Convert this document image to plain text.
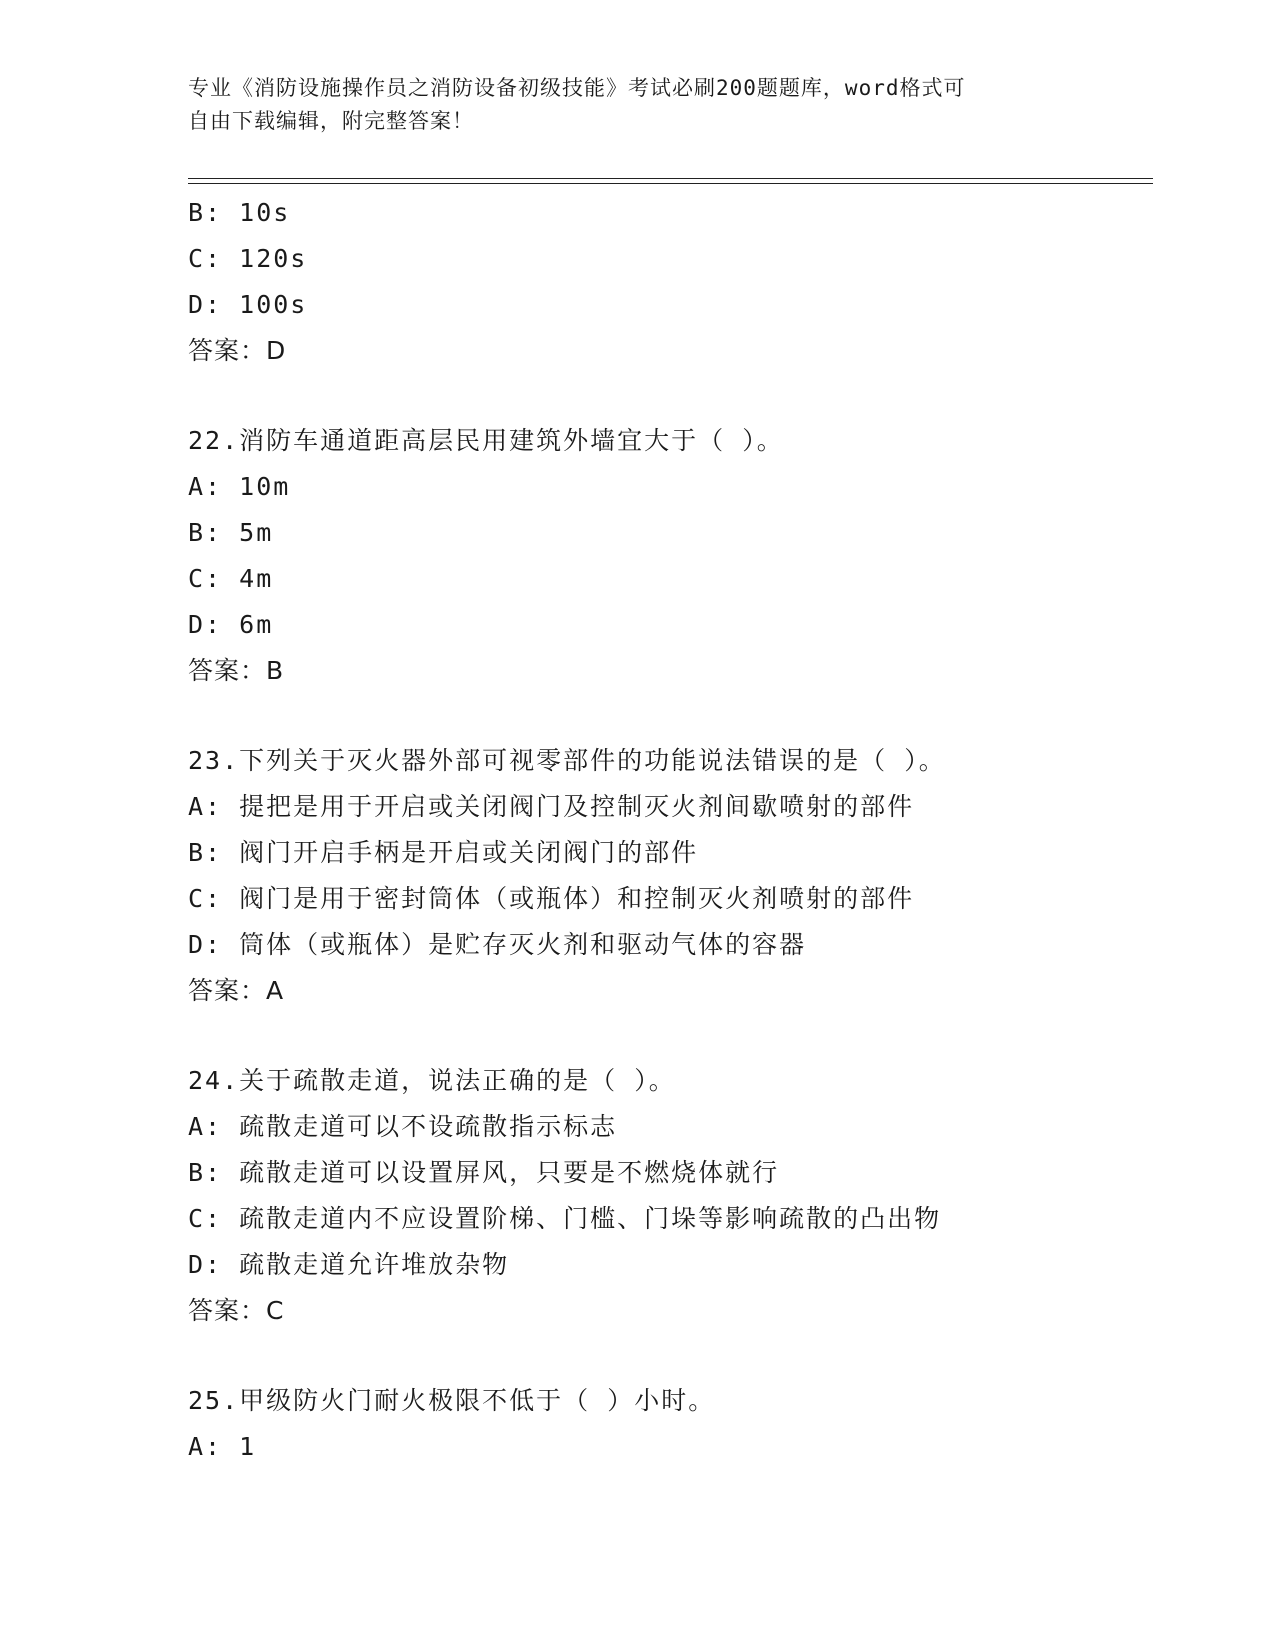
专业《消防设施操作员之消防设备初级技能》考试必刷200题题库，word格式可
自由下载编辑，附完整答案！
B: 10s
C: 120s
D: 100s
答案：D
22.消防车通道距高层民用建筑外墙宜大于（ ）。
A: 10m
B: 5m
C: 4m
D: 6m
答案：B
23.下列关于灭火器外部可视零部件的功能说法错误的是（ ）。
A: 提把是用于开启或关闭阀门及控制灭火剂间歇喷射的部件
B: 阀门开启手柄是开启或关闭阀门的部件
C: 阀门是用于密封筒体（或瓶体）和控制灭火剂喷射的部件
D: 筒体（或瓶体）是贮存灭火剂和驱动气体的容器
答案：A
24.关于疏散走道，说法正确的是（ ）。
A: 疏散走道可以不设疏散指示标志
B: 疏散走道可以设置屏风，只要是不燃烧体就行
C: 疏散走道内不应设置阶梯、门槛、门垛等影响疏散的凸出物
D: 疏散走道允许堆放杂物
答案：C
25.甲级防火门耐火极限不低于（ ）小时。
A: 1
